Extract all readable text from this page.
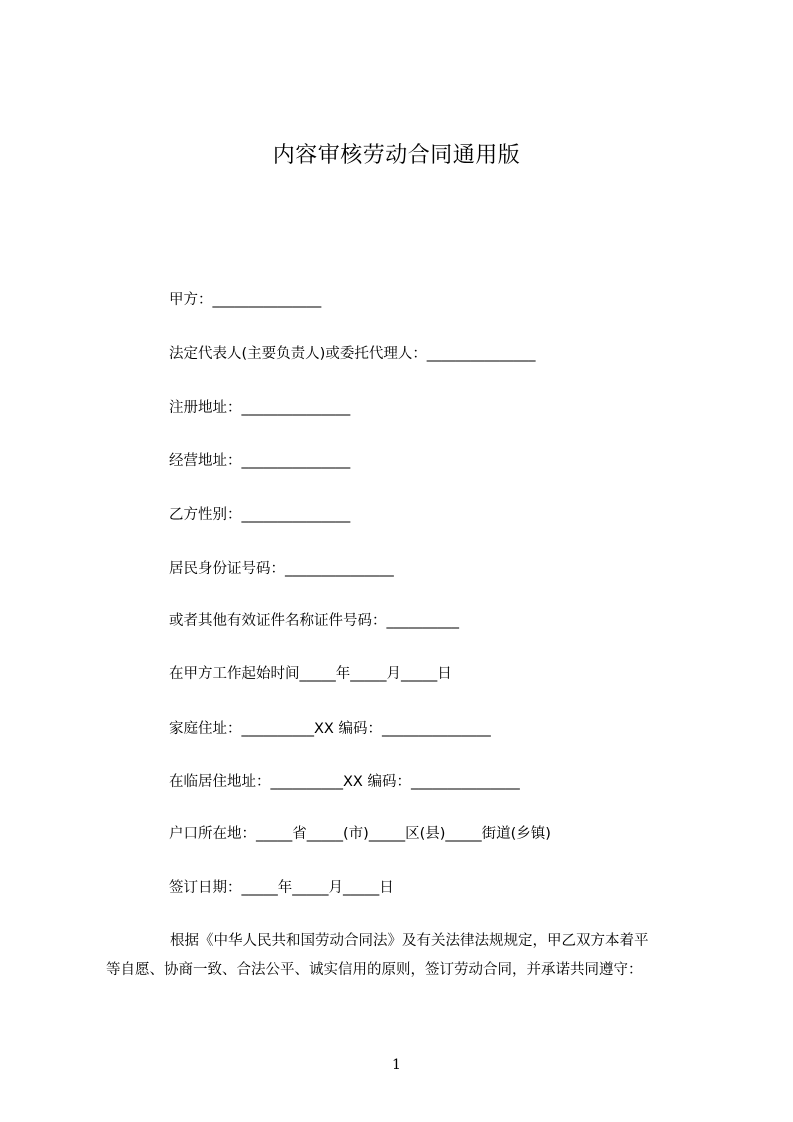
内容审核劳动合同通用版
甲方：_______________
法定代表人(主要负责人)或委托代理人：_______________
注册地址：_______________
经营地址：_______________
乙方性别：_______________
居民身份证号码：_______________
或者其他有效证件名称证件号码：__________
在甲方工作起始时间_____年_____月_____日
家庭住址：__________XX 编码：_______________
在临居住地址：__________XX 编码：_______________
户口所在地：_____省_____(市)_____区(县)_____街道(乡镇)
签订日期：_____年_____月_____日
根据《中华人民共和国劳动合同法》及有关法律法规规定，甲乙双方本着平
等自愿、协商一致、合法公平、诚实信用的原则，签订劳动合同，并承诺共同遵守：
1
